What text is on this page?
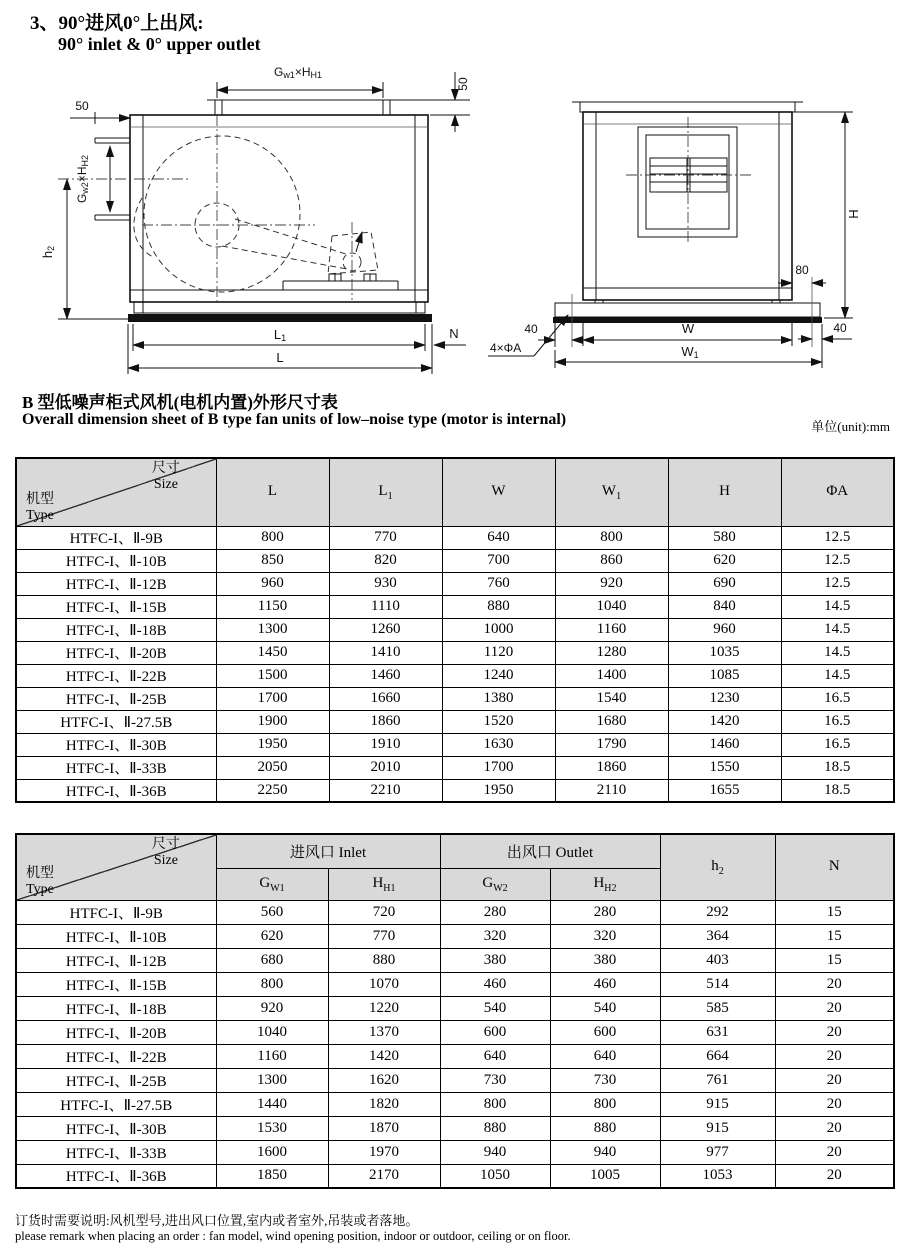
3、90°进风0°上出风:
90° inlet & 0° upper outlet
Gw1×HH1
50
50
Gw2×HH2
h2
L1
L
N
H
80
40
4×ΦA
W	40
W1
B 型低噪声柜式风机(电机内置)外形尺寸表
Overall dimension sheet of B type fan units of low–noise type (motor is internal)	单位(unit):mm
尺寸
Size
机型
Type	L	$L_1$	W	$W_1$	H	ΦA
HTFC-I、Ⅱ-9B	800	770	640	800	580	12.5
HTFC-I、Ⅱ-10B	850	820	700	860	620	12.5
HTFC-I、Ⅱ-12B	960	930	760	920	690	12.5
HTFC-I、Ⅱ-15B	1150	1110	880	1040	840	14.5
HTFC-I、Ⅱ-18B	1300	1260	1000	1160	960	14.5
HTFC-I、Ⅱ-20B	1450	1410	1120	1280	1035	14.5
HTFC-I、Ⅱ-22B	1500	1460	1240	1400	1085	14.5
HTFC-I、Ⅱ-25B	1700	1660	1380	1540	1230	16.5
HTFC-I、Ⅱ-27.5B	1900	1860	1520	1680	1420	16.5
HTFC-I、Ⅱ-30B	1950	1910	1630	1790	1460	16.5
HTFC-I、Ⅱ-33B	2050	2010	1700	1860	1550	18.5
HTFC-I、Ⅱ-36B	2250	2210	1950	2110	1655	18.5
尺寸
Size
机型
Type	进风口 Inlet		出风口 Outlet		$h_2$	N
	$G_{W1}$	$H_{H1}$	$G_{W2}$	$H_{H2}$
HTFC-I、Ⅱ-9B	560	720	280	280	292	15
HTFC-I、Ⅱ-10B	620	770	320	320	364	15
HTFC-I、Ⅱ-12B	680	880	380	380	403	15
HTFC-I、Ⅱ-15B	800	1070	460	460	514	20
HTFC-I、Ⅱ-18B	920	1220	540	540	585	20
HTFC-I、Ⅱ-20B	1040	1370	600	600	631	20
HTFC-I、Ⅱ-22B	1160	1420	640	640	664	20
HTFC-I、Ⅱ-25B	1300	1620	730	730	761	20
HTFC-I、Ⅱ-27.5B	1440	1820	800	800	915	20
HTFC-I、Ⅱ-30B	1530	1870	880	880	915	20
HTFC-I、Ⅱ-33B	1600	1970	940	940	977	20
HTFC-I、Ⅱ-36B	1850	2170	1050	1005	1053	20
订货时需要说明:风机型号,进出风口位置,室内或者室外,吊装或者落地。
please remark when placing an order : fan model, wind opening position, indoor or outdoor, ceiling or on floor.
